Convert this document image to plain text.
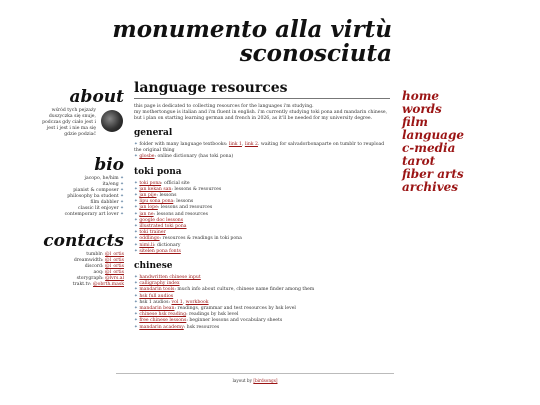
monumento alla virtù
sconosciuta
about
wśród tych pejzaży
duszyczka się snuje,
podczas gdy ciało jest i
jest i jest i nie ma się
gdzie podziać
bio
jacopo, he/him ✦
ita/eng ✦
pianist & composer ✦
philosophy ba student ✦
film dabbler ✦
classic lit enjoyer ✦
contemporary art lover ✦
contacts
tumblr: @l_ortis
dreamwidth: @l_ortis
discord: @l_ortis
aoq: @l_ortis
storygraph: @lvrs.al
trakt.tv: @obrth.mask
language resources
this page is dedicated to collecting resources for the languages i'm studying.
my mothertongue is italian and i'm fluent in english. i'm currently studying toki pona and mandarin chinese, but i plan on starting learning german and french in 2026, as it'll be needed for my university degree.
general
✦ folder with many language textbooks: link 1, link 2. waiting for salvadorbonaparte on tumblr to reupload the original thing
✦ glosbe: online dictionary (has toki pona)
toki pona
✦ toki pona: official site
✦ jan kekan san: lessons & resources
✦ jan pije: lessons
✦ lipu sona pona: lessons
✦ jan lope: lessons and resources
✦ jan ne: lessons and resources
✦ google doc lessons
✦ illustrated toki pona
✦ toki trainer
✦ oddlingo: resources & readings in toki pona
✦ nimi.li: dictionary
✦ sitelen pona fonts
chinese
✦ handwritten chinese input
✦ calligraphy index
✦ mandarin tools: much info about culture, chinese name finder among them
✦ hsk full audios
✦ hsk 1 audios: vol 1, workbook
✦ mandarin bean: readings, grammar and test resources by hsk level
✦ chinese hsk reading: readings by hsk level
✦ free chinese lessons: beginner lessons and vocabulary sheets
✦ mandarin academy: hsk resources
home
words
film
language
c-media
tarot
fiber arts
archives
layout by [birdsongs]
